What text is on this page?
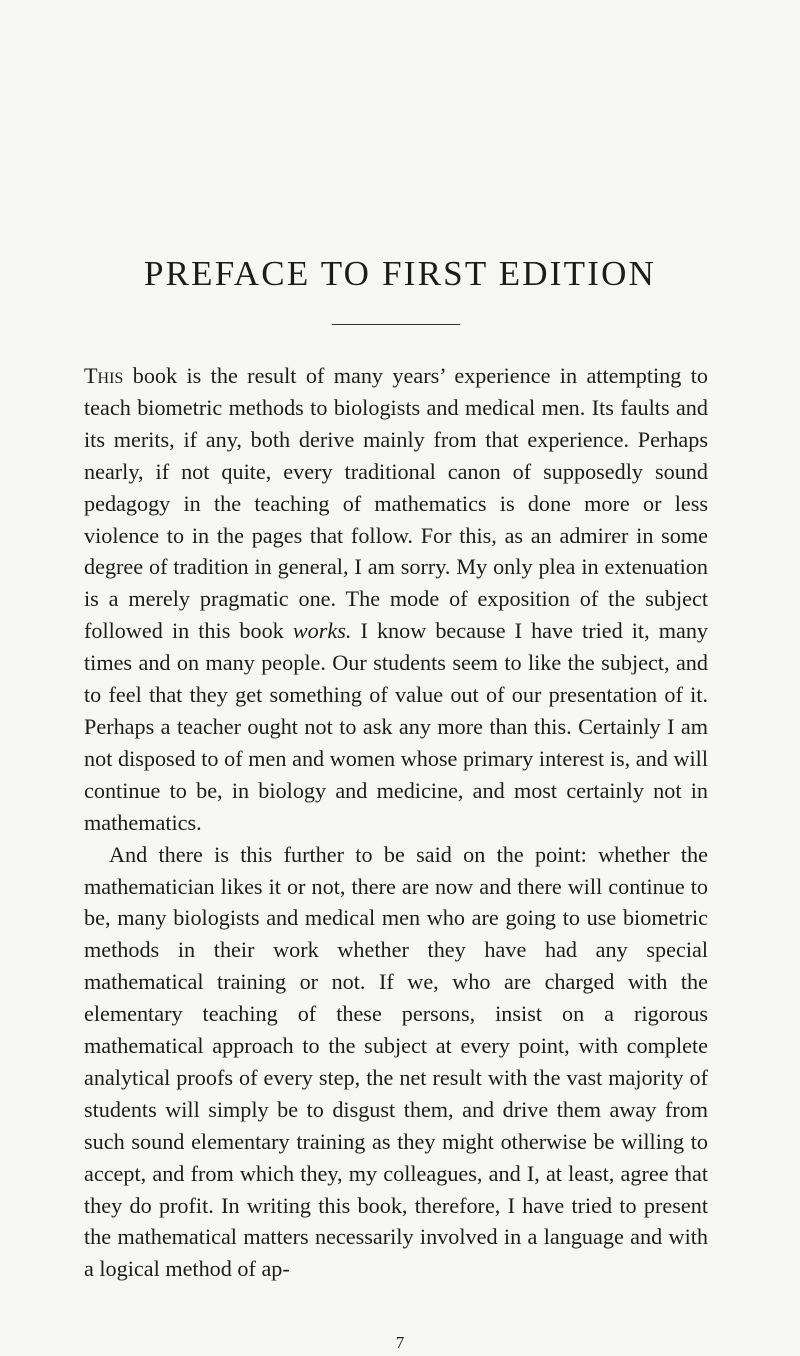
PREFACE TO FIRST EDITION

This book is the result of many years’ experience in attempting to teach biometric methods to biologists and medical men. Its faults and its merits, if any, both derive mainly from that experience. Perhaps nearly, if not quite, every traditional canon of supposedly sound pedagogy in the teaching of mathematics is done more or less violence to in the pages that follow. For this, as an admirer in some degree of tradition in general, I am sorry. My only plea in extenuation is a merely pragmatic one. The mode of exposition of the subject followed in this book works. I know because I have tried it, many times and on many people. Our students seem to like the subject, and to feel that they get something of value out of our presentation of it. Perhaps a teacher ought not to ask any more than this. Certainly I am not disposed to of men and women whose primary interest is, and will continue to be, in biology and medicine, and most certainly not in mathematics.

And there is this further to be said on the point: whether the mathematician likes it or not, there are now and there will continue to be, many biologists and medical men who are going to use biometric methods in their work whether they have had any special mathematical training or not. If we, who are charged with the elementary teaching of these persons, insist on a rigorous mathematical approach to the subject at every point, with complete analytical proofs of every step, the net result with the vast majority of students will simply be to disgust them, and drive them away from such sound elementary training as they might otherwise be willing to accept, and from which they, my colleagues, and I, at least, agree that they do profit. In writing this book, therefore, I have tried to present the mathematical matters necessarily involved in a language and with a logical method of ap-

7
